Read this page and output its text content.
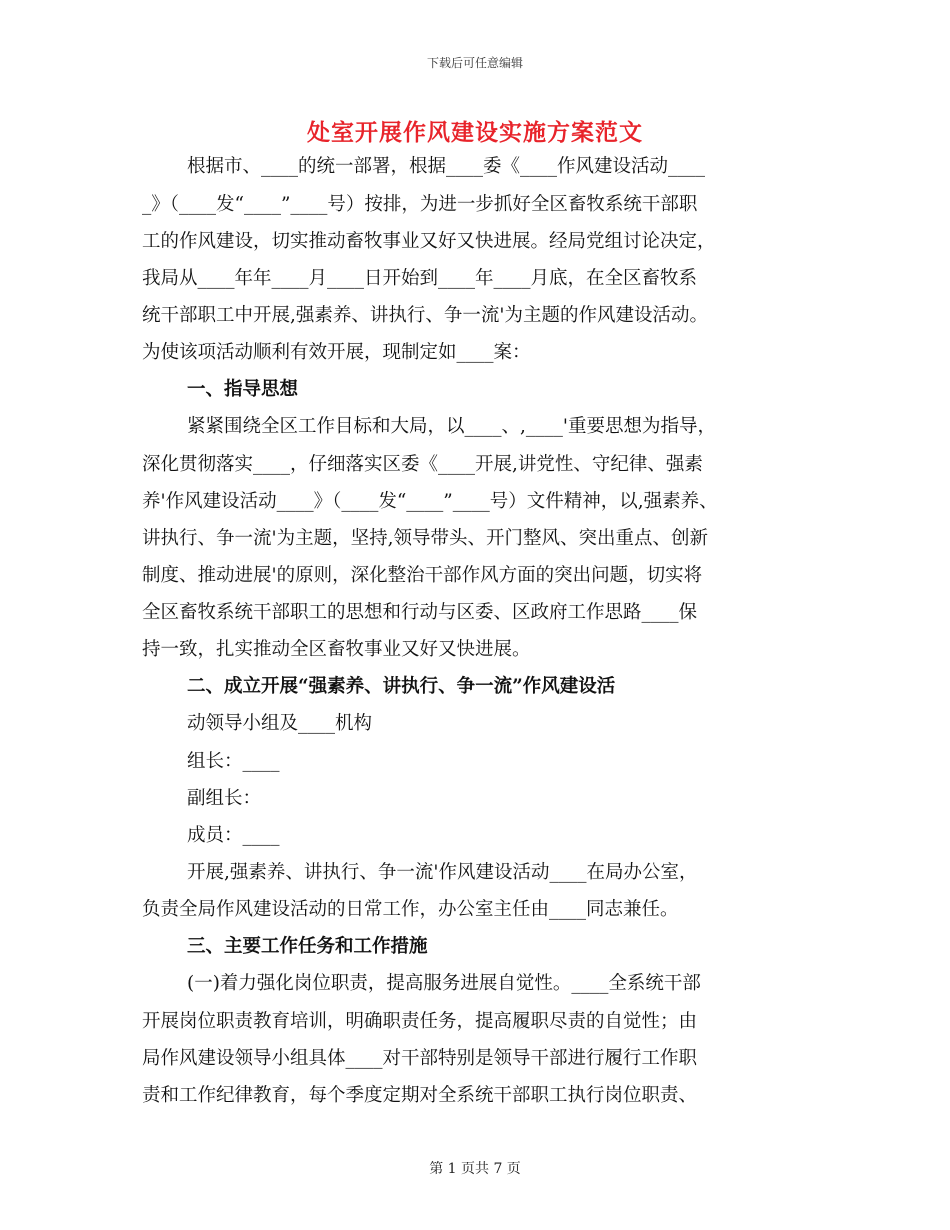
下载后可任意编辑
处室开展作风建设实施方案范文
根据市、____的统一部署，根据____委《____作风建设活动____
_》（____发“____”____号）按排，为进一步抓好全区畜牧系统干部职
工的作风建设，切实推动畜牧事业又好又快进展。经局党组讨论决定，
我局从____年年____月____日开始到____年____月底，在全区畜牧系
统干部职工中开展,强素养、讲执行、争一流'为主题的作风建设活动。
为使该项活动顺利有效开展，现制定如____案：
一、指导思想
紧紧围绕全区工作目标和大局，以____、,____'重要思想为指导，
深化贯彻落实____，仔细落实区委《____开展,讲党性、守纪律、强素
养'作风建设活动____》（____发“____”____号）文件精神，以,强素养、
讲执行、争一流'为主题，坚持,领导带头、开门整风、突出重点、创新
制度、推动进展'的原则，深化整治干部作风方面的突出问题，切实将
全区畜牧系统干部职工的思想和行动与区委、区政府工作思路____保
持一致，扎实推动全区畜牧事业又好又快进展。
二、成立开展“强素养、讲执行、争一流”作风建设活
动领导小组及____机构
组长：____
副组长：
成员：____
开展,强素养、讲执行、争一流'作风建设活动____在局办公室，
负责全局作风建设活动的日常工作，办公室主任由____同志兼任。
三、主要工作任务和工作措施
(一)着力强化岗位职责，提高服务进展自觉性。____全系统干部
开展岗位职责教育培训，明确职责任务，提高履职尽责的自觉性；由
局作风建设领导小组具体____对干部特别是领导干部进行履行工作职
责和工作纪律教育，每个季度定期对全系统干部职工执行岗位职责、
第 1 页共 7 页
